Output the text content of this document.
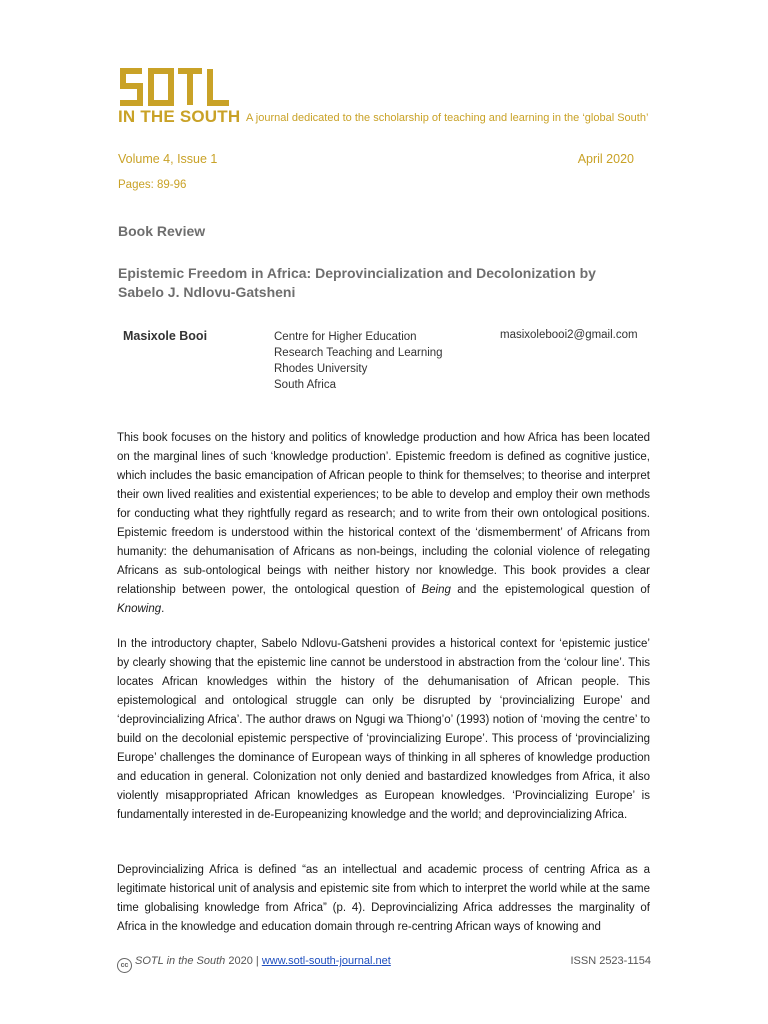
IN THE SOUTH A journal dedicated to the scholarship of teaching and learning in the ‘global South’
Volume 4, Issue 1	April 2020
Pages: 89-96
Book Review
Epistemic Freedom in Africa: Deprovincialization and Decolonization by Sabelo J. Ndlovu-Gatsheni
Masixole Booi	Centre for Higher Education
Research Teaching and Learning
Rhodes University
South Africa
masixolebooi2@gmail.com
This book focuses on the history and politics of knowledge production and how Africa has been located on the marginal lines of such ‘knowledge production’. Epistemic freedom is defined as cognitive justice, which includes the basic emancipation of African people to think for themselves; to theorise and interpret their own lived realities and existential experiences; to be able to develop and employ their own methods for conducting what they rightfully regard as research; and to write from their own ontological positions. Epistemic freedom is understood within the historical context of the ‘dismemberment’ of Africans from humanity: the dehumanisation of Africans as non-beings, including the colonial violence of relegating Africans as sub-ontological beings with neither history nor knowledge. This book provides a clear relationship between power, the ontological question of Being and the epistemological question of Knowing.
In the introductory chapter, Sabelo Ndlovu-Gatsheni provides a historical context for ‘epistemic justice’ by clearly showing that the epistemic line cannot be understood in abstraction from the ‘colour line’. This locates African knowledges within the history of the dehumanisation of African people. This epistemological and ontological struggle can only be disrupted by ‘provincializing Europe’ and ‘deprovincializing Africa’. The author draws on Ngugi wa Thiong’o’ (1993) notion of ‘moving the centre’ to build on the decolonial epistemic perspective of ‘provincializing Europe’. This process of ‘provincializing Europe’ challenges the dominance of European ways of thinking in all spheres of knowledge production and education in general. Colonization not only denied and bastardized knowledges from Africa, it also violently misappropriated African knowledges as European knowledges. ‘Provincializing Europe’ is fundamentally interested in de-Europeanizing knowledge and the world; and deprovincializing Africa.
Deprovincializing Africa is defined “as an intellectual and academic process of centring Africa as a legitimate historical unit of analysis and epistemic site from which to interpret the world while at the same time globalising knowledge from Africa” (p. 4). Deprovincializing Africa addresses the marginality of Africa in the knowledge and education domain through re-centring African ways of knowing and
cc SOTL in the South 2020 | www.sotl-south-journal.net	ISSN 2523-1154
